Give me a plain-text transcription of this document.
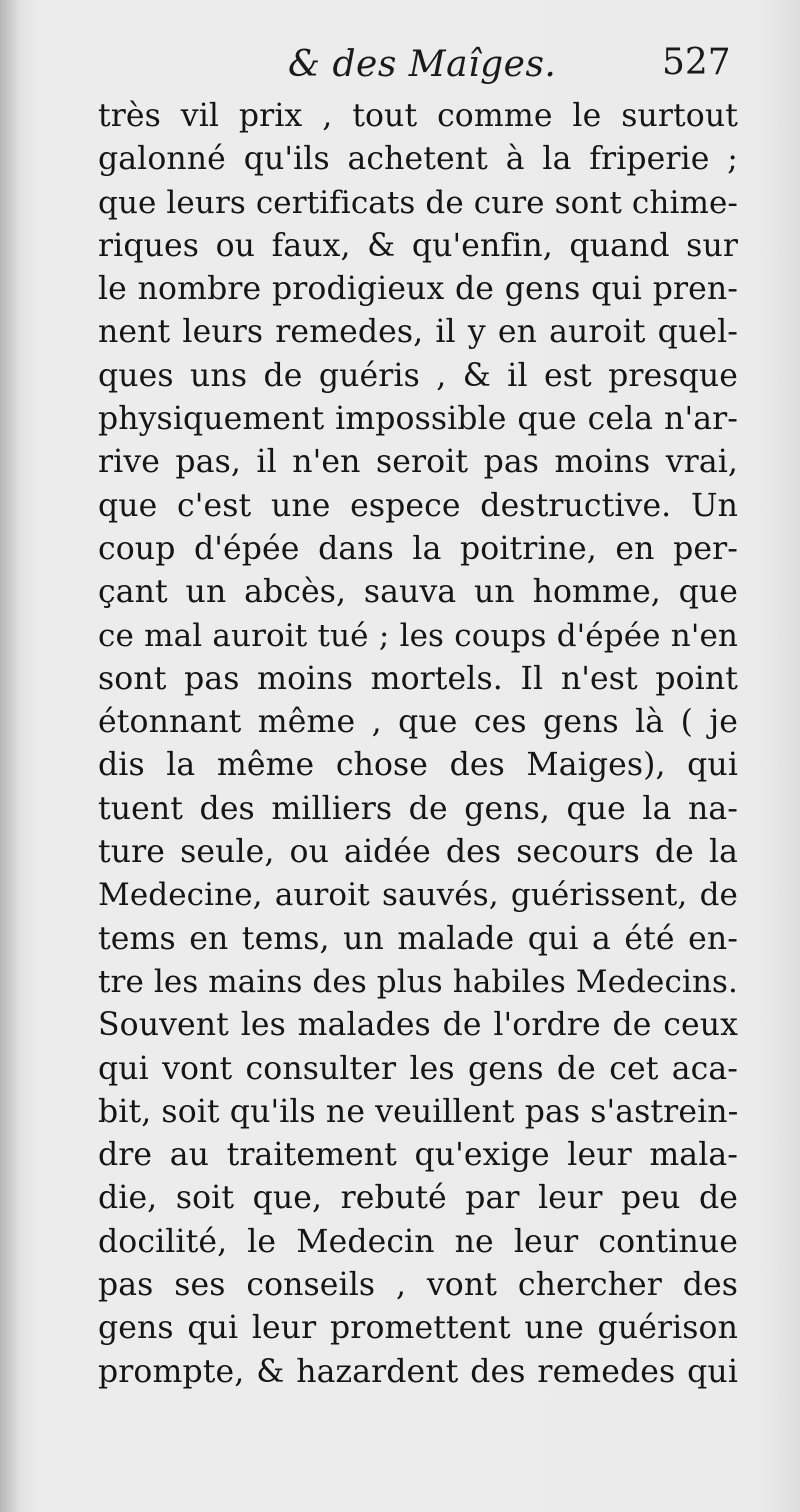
& des Maîges.	527
très vil prix , tout comme le surtout
galonné qu'ils achetent à la friperie ;
que leurs certificats de cure sont chime-
riques ou faux, & qu'enfin, quand sur
le nombre prodigieux de gens qui pren-
nent leurs remedes, il y en auroit quel-
ques uns de guéris , & il est presque
physiquement impossible que cela n'ar-
rive pas, il n'en seroit pas moins vrai,
que c'est une espece destructive. Un
coup d'épée dans la poitrine, en per-
çant un abcès, sauva un homme, que
ce mal auroit tué ; les coups d'épée n'en
sont pas moins mortels. Il n'est point
étonnant même , que ces gens là ( je
dis la même chose des Maiges), qui
tuent des milliers de gens, que la na-
ture seule, ou aidée des secours de la
Medecine, auroit sauvés, guérissent, de
tems en tems, un malade qui a été en-
tre les mains des plus habiles Medecins.
Souvent les malades de l'ordre de ceux
qui vont consulter les gens de cet aca-
bit, soit qu'ils ne veuillent pas s'astrein-
dre au traitement qu'exige leur mala-
die, soit que, rebuté par leur peu de
docilité, le Medecin ne leur continue
pas ses conseils , vont chercher des
gens qui leur promettent une guérison
prompte, & hazardent des remedes qui
